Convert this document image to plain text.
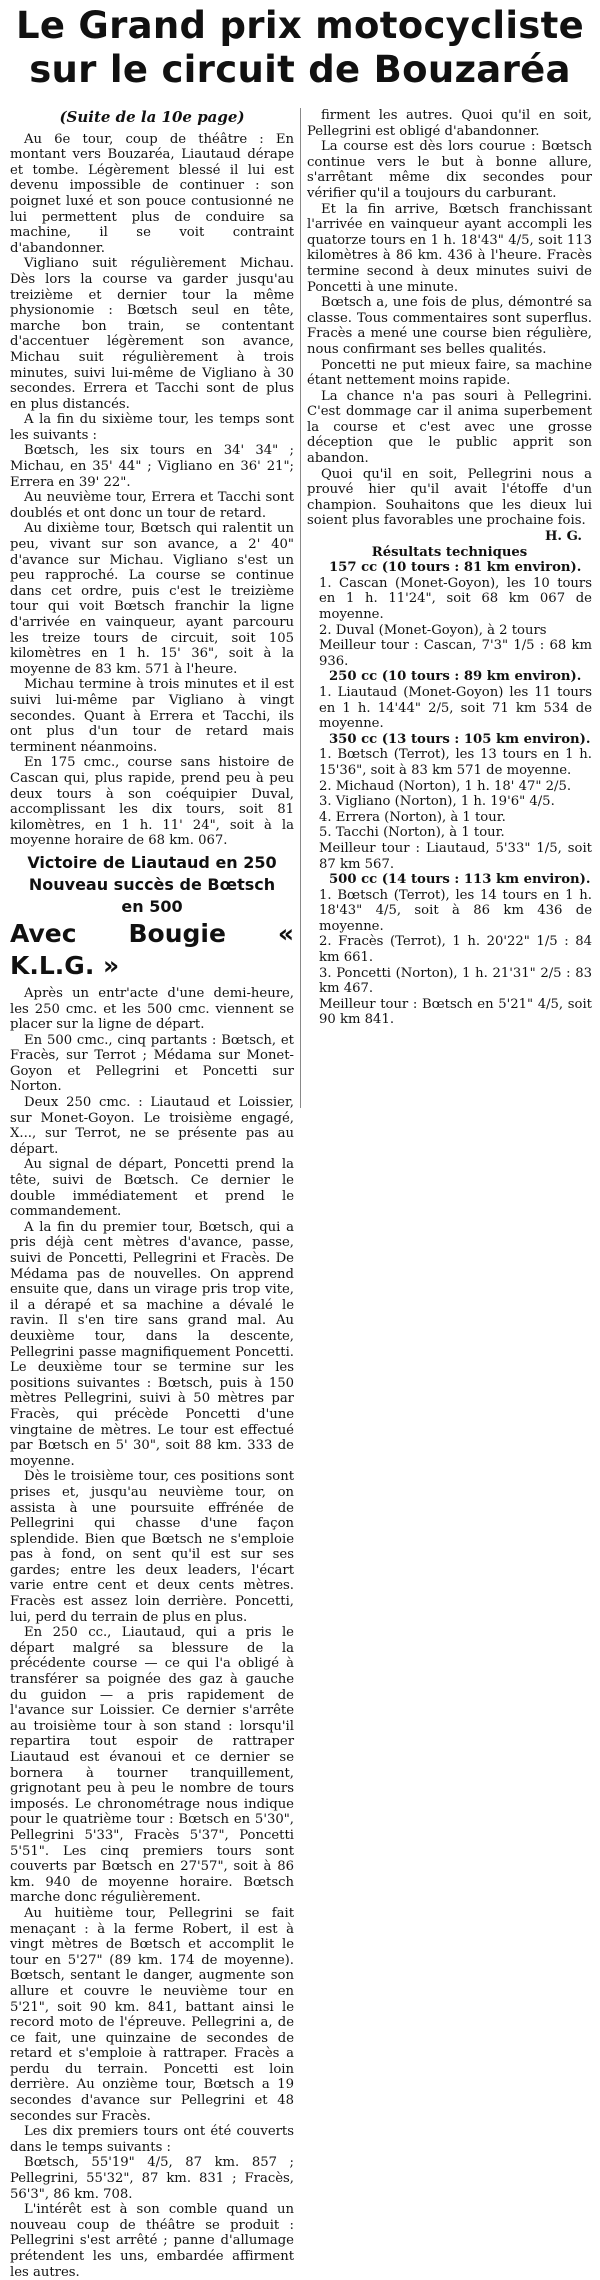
Le Grand prix motocycliste
sur le circuit de Bouzaréa

(Suite de la 10e page)

Au 6e tour, coup de théâtre : En montant vers Bouzaréa, Liautaud dérape et tombe. Légèrement blessé il lui est devenu impossible de continuer : son poignet luxé et son pouce contusionné ne lui permettent plus de conduire sa machine, il se voit contraint d'abandonner.

Vigliano suit régulièrement Michau. Dès lors la course va garder jusqu'au treizième et dernier tour la même physionomie : Bœtsch seul en tête, marche bon train, se contentant d'accentuer légèrement son avance, Michau suit régulièrement à trois minutes, suivi lui-même de Vigliano à 30 secondes. Errera et Tacchi sont de plus en plus distancés.

A la fin du sixième tour, les temps sont les suivants :

Bœtsch, les six tours en 34' 34" ; Michau, en 35' 44" ; Vigliano en 36' 21"; Errera en 39' 22".

Au neuvième tour, Errera et Tacchi sont doublés et ont donc un tour de retard.

Au dixième tour, Bœtsch qui ralentit un peu, vivant sur son avance, a 2' 40" d'avance sur Michau. Vigliano s'est un peu rapproché. La course se continue dans cet ordre, puis c'est le treizième tour qui voit Bœtsch franchir la ligne d'arrivée en vainqueur, ayant parcouru les treize tours de circuit, soit 105 kilomètres en 1 h. 15' 36", soit à la moyenne de 83 km. 571 à l'heure.

Michau termine à trois minutes et il est suivi lui-même par Vigliano à vingt secondes. Quant à Errera et Tacchi, ils ont plus d'un tour de retard mais terminent néanmoins.

En 175 cmc., course sans histoire de Cascan qui, plus rapide, prend peu à peu deux tours à son coéquipier Duval, accomplissant les dix tours, soit 81 kilomètres, en 1 h. 11' 24", soit à la moyenne horaire de 68 km. 067.

Victoire de Liautaud en 250

Nouveau succès de Bœtsch

en 500

Avec Bougie « K.L.G. »

Après un entr'acte d'une demi-heure, les 250 cmc. et les 500 cmc. viennent se placer sur la ligne de départ.

En 500 cmc., cinq partants : Bœtsch, et Fracès, sur Terrot ; Médama sur Monet-Goyon et Pellegrini et Poncetti sur Norton.

Deux 250 cmc. : Liautaud et Loissier, sur Monet-Goyon. Le troisième engagé, X..., sur Terrot, ne se présente pas au départ.

Au signal de départ, Poncetti prend la tête, suivi de Bœtsch. Ce dernier le double immédiatement et prend le commandement.

A la fin du premier tour, Bœtsch, qui a pris déjà cent mètres d'avance, passe, suivi de Poncetti, Pellegrini et Fracès. De Médama pas de nouvelles. On apprend ensuite que, dans un virage pris trop vite, il a dérapé et sa machine a dévalé le ravin. Il s'en tire sans grand mal. Au deuxième tour, dans la descente, Pellegrini passe magnifiquement Poncetti. Le deuxième tour se termine sur les positions suivantes : Bœtsch, puis à 150 mètres Pellegrini, suivi à 50 mètres par Fracès, qui précède Poncetti d'une vingtaine de mètres. Le tour est effectué par Bœtsch en 5' 30", soit 88 km. 333 de moyenne.

Dès le troisième tour, ces positions sont prises et, jusqu'au neuvième tour, on assista à une poursuite effrénée de Pellegrini qui chasse d'une façon splendide. Bien que Bœtsch ne s'emploie pas à fond, on sent qu'il est sur ses gardes; entre les deux leaders, l'écart varie entre cent et deux cents mètres. Fracès est assez loin derrière. Poncetti, lui, perd du terrain de plus en plus.

En 250 cc., Liautaud, qui a pris le départ malgré sa blessure de la précédente course — ce qui l'a obligé à transférer sa poignée des gaz à gauche du guidon — a pris rapidement de l'avance sur Loissier. Ce dernier s'arrête au troisième tour à son stand : lorsqu'il repartira tout espoir de rattraper Liautaud est évanoui et ce dernier se bornera à tourner tranquillement, grignotant peu à peu le nombre de tours imposés. Le chronométrage nous indique pour le quatrième tour : Bœtsch en 5'30", Pellegrini 5'33", Fracès 5'37", Poncetti 5'51". Les cinq premiers tours sont couverts par Bœtsch en 27'57", soit à 86 km. 940 de moyenne horaire. Bœtsch marche donc régulièrement.

Au huitième tour, Pellegrini se fait menaçant : à la ferme Robert, il est à vingt mètres de Bœtsch et accomplit le tour en 5'27" (89 km. 174 de moyenne). Bœtsch, sentant le danger, augmente son allure et couvre le neuvième tour en 5'21", soit 90 km. 841, battant ainsi le record moto de l'épreuve. Pellegrini a, de ce fait, une quinzaine de secondes de retard et s'emploie à rattraper. Fracès a perdu du terrain. Poncetti est loin derrière. Au onzième tour, Bœtsch a 19 secondes d'avance sur Pellegrini et 48 secondes sur Fracès.

Les dix premiers tours ont été couverts dans le temps suivants :

Bœtsch, 55'19" 4/5, 87 km. 857 ; Pellegrini, 55'32", 87 km. 831 ; Fracès, 56'3", 86 km. 708.

L'intérêt est à son comble quand un nouveau coup de théâtre se produit : Pellegrini s'est arrêté ; panne d'allumage prétendent les uns, embardée affirment les autres.

firment les autres. Quoi qu'il en soit, Pellegrini est obligé d'abandonner.

La course est dès lors courue : Bœtsch continue vers le but à bonne allure, s'arrêtant même dix secondes pour vérifier qu'il a toujours du carburant.

Et la fin arrive, Bœtsch franchissant l'arrivée en vainqueur ayant accompli les quatorze tours en 1 h. 18'43" 4/5, soit 113 kilomètres à 86 km. 436 à l'heure. Fracès termine second à deux minutes suivi de Poncetti à une minute.

Bœtsch a, une fois de plus, démontré sa classe. Tous commentaires sont superflus. Fracès a mené une course bien régulière, nous confirmant ses belles qualités.

Poncetti ne put mieux faire, sa machine étant nettement moins rapide.

La chance n'a pas souri à Pellegrini. C'est dommage car il anima superbement la course et c'est avec une grosse déception que le public apprit son abandon.

Quoi qu'il en soit, Pellegrini nous a prouvé hier qu'il avait l'étoffe d'un champion. Souhaitons que les dieux lui soient plus favorables une prochaine fois.

H. G.

Résultats techniques

157 cc (10 tours : 81 km environ).

1. Cascan (Monet-Goyon), les 10 tours en 1 h. 11'24", soit 68 km 067 de moyenne.

2. Duval (Monet-Goyon), à 2 tours

Meilleur tour : Cascan, 7'3" 1/5 : 68 km 936.

250 cc (10 tours : 89 km environ).

1. Liautaud (Monet-Goyon) les 11 tours en 1 h. 14'44" 2/5, soit 71 km 534 de moyenne.

350 cc (13 tours : 105 km environ).

1. Bœtsch (Terrot), les 13 tours en 1 h. 15'36", soit à 83 km 571 de moyenne.

2. Michaud (Norton), 1 h. 18' 47" 2/5.

3. Vigliano (Norton), 1 h. 19'6" 4/5.

4. Errera (Norton), à 1 tour.

5. Tacchi (Norton), à 1 tour.

Meilleur tour : Liautaud, 5'33" 1/5, soit 87 km 567.

500 cc (14 tours : 113 km environ).

1. Bœtsch (Terrot), les 14 tours en 1 h. 18'43" 4/5, soit à 86 km 436 de moyenne.

2. Fracès (Terrot), 1 h. 20'22" 1/5 : 84 km 661.

3. Poncetti (Norton), 1 h. 21'31" 2/5 : 83 km 467.

Meilleur tour : Bœtsch en 5'21" 4/5, soit 90 km 841.
